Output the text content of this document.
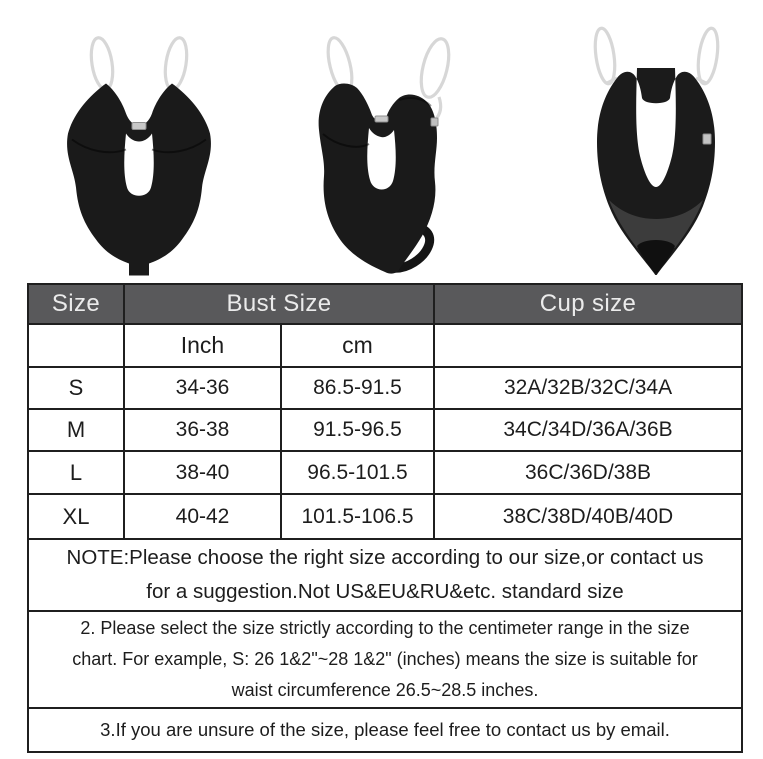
Size	Bust Size		Cup size
	Inch	cm	
S	34-36	86.5-91.5	32A/32B/32C/34A
M	36-38	91.5-96.5	34C/34D/36A/36B
L	38-40	96.5-101.5	36C/36D/38B
XL	40-42	101.5-106.5	38C/38D/40B/40D

NOTE:Please choose the right size according to our size,or contact us
for a suggestion.Not US&EU&RU&etc. standard size			

2. Please select the size strictly according to the centimeter range in the size
chart. For example, S: 26 1&2"~28 1&2" (inches) means the size is suitable for
waist circumference 26.5~28.5 inches.			

3.If you are unsure of the size, please feel free to contact us by email.			
